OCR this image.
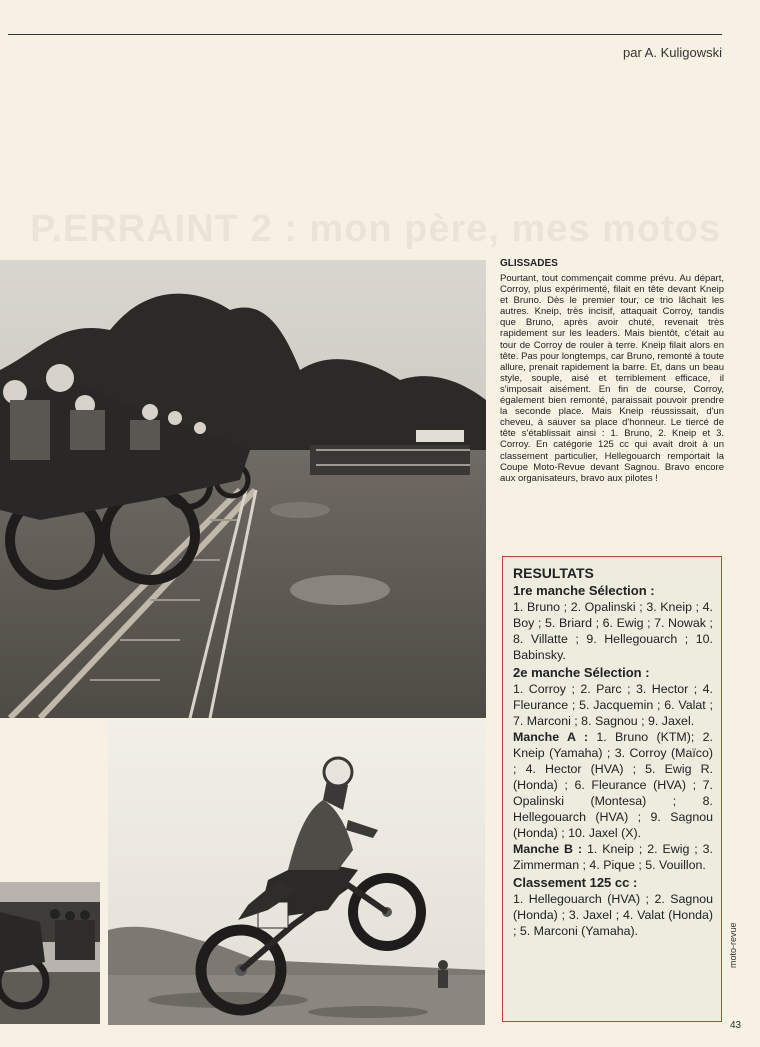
par A. Kuligowski
P.ERRAINT 2 : mon père, mes motos
GLISSADES

Pourtant, tout commençait comme prévu. Au départ, Corroy, plus expérimenté, filait en tête devant Kneip et Bruno. Dès le premier tour, ce trio lâchait les autres. Kneip, très incisif, attaquait Corroy, tandis que Bruno, après avoir chuté, revenait très rapidement sur les leaders. Mais bientôt, c'était au tour de Corroy de rouler à terre. Kneip filait alors en tête. Pas pour longtemps, car Bruno, remonté à toute allure, prenait rapidement la barre. Et, dans un beau style, souple, aisé et terriblement efficace, il s'imposait aisément. En fin de course, Corroy, également bien remonté, paraissait pouvoir prendre la seconde place. Mais Kneip réussissait, d'un cheveu, à sauver sa place d'honneur. Le tiercé de tête s'établissait ainsi : 1. Bruno, 2. Kneip et 3. Corroy. En catégorie 125 cc qui avait droit à un classement particulier, Hellegouarch remportait la Coupe Moto-Revue devant Sagnou. Bravo encore aux organisateurs, bravo aux pilotes !

RESULTATS
1re manche Sélection :
1. Bruno ; 2. Opalinski ; 3. Kneip ; 4. Boy ; 5. Briard ; 6. Ewig ; 7. Nowak ; 8. Villatte ; 9. Hellegouarch ; 10. Babinsky.
2e manche Sélection :
1. Corroy ; 2. Parc ; 3. Hector ; 4. Fleurance ; 5. Jacquemin ; 6. Valat ; 7. Marconi ; 8. Sagnou ; 9. Jaxel.
Manche A : 1. Bruno (KTM); 2. Kneip (Yamaha) ; 3. Corroy (Maïco) ; 4. Hector (HVA) ; 5. Ewig R. (Honda) ; 6. Fleurance (HVA) ; 7. Opalinski (Montesa) ; 8. Hellegouarch (HVA) ; 9. Sagnou (Honda) ; 10. Jaxel (X).
Manche B : 1. Kneip ; 2. Ewig ; 3. Zimmerman ; 4. Pique ; 5. Vouillon.
Classement 125 cc :
1. Hellegouarch (HVA) ; 2. Sagnou (Honda) ; 3. Jaxel ; 4. Valat (Honda) ; 5. Marconi (Yamaha).	moto-revue
43
